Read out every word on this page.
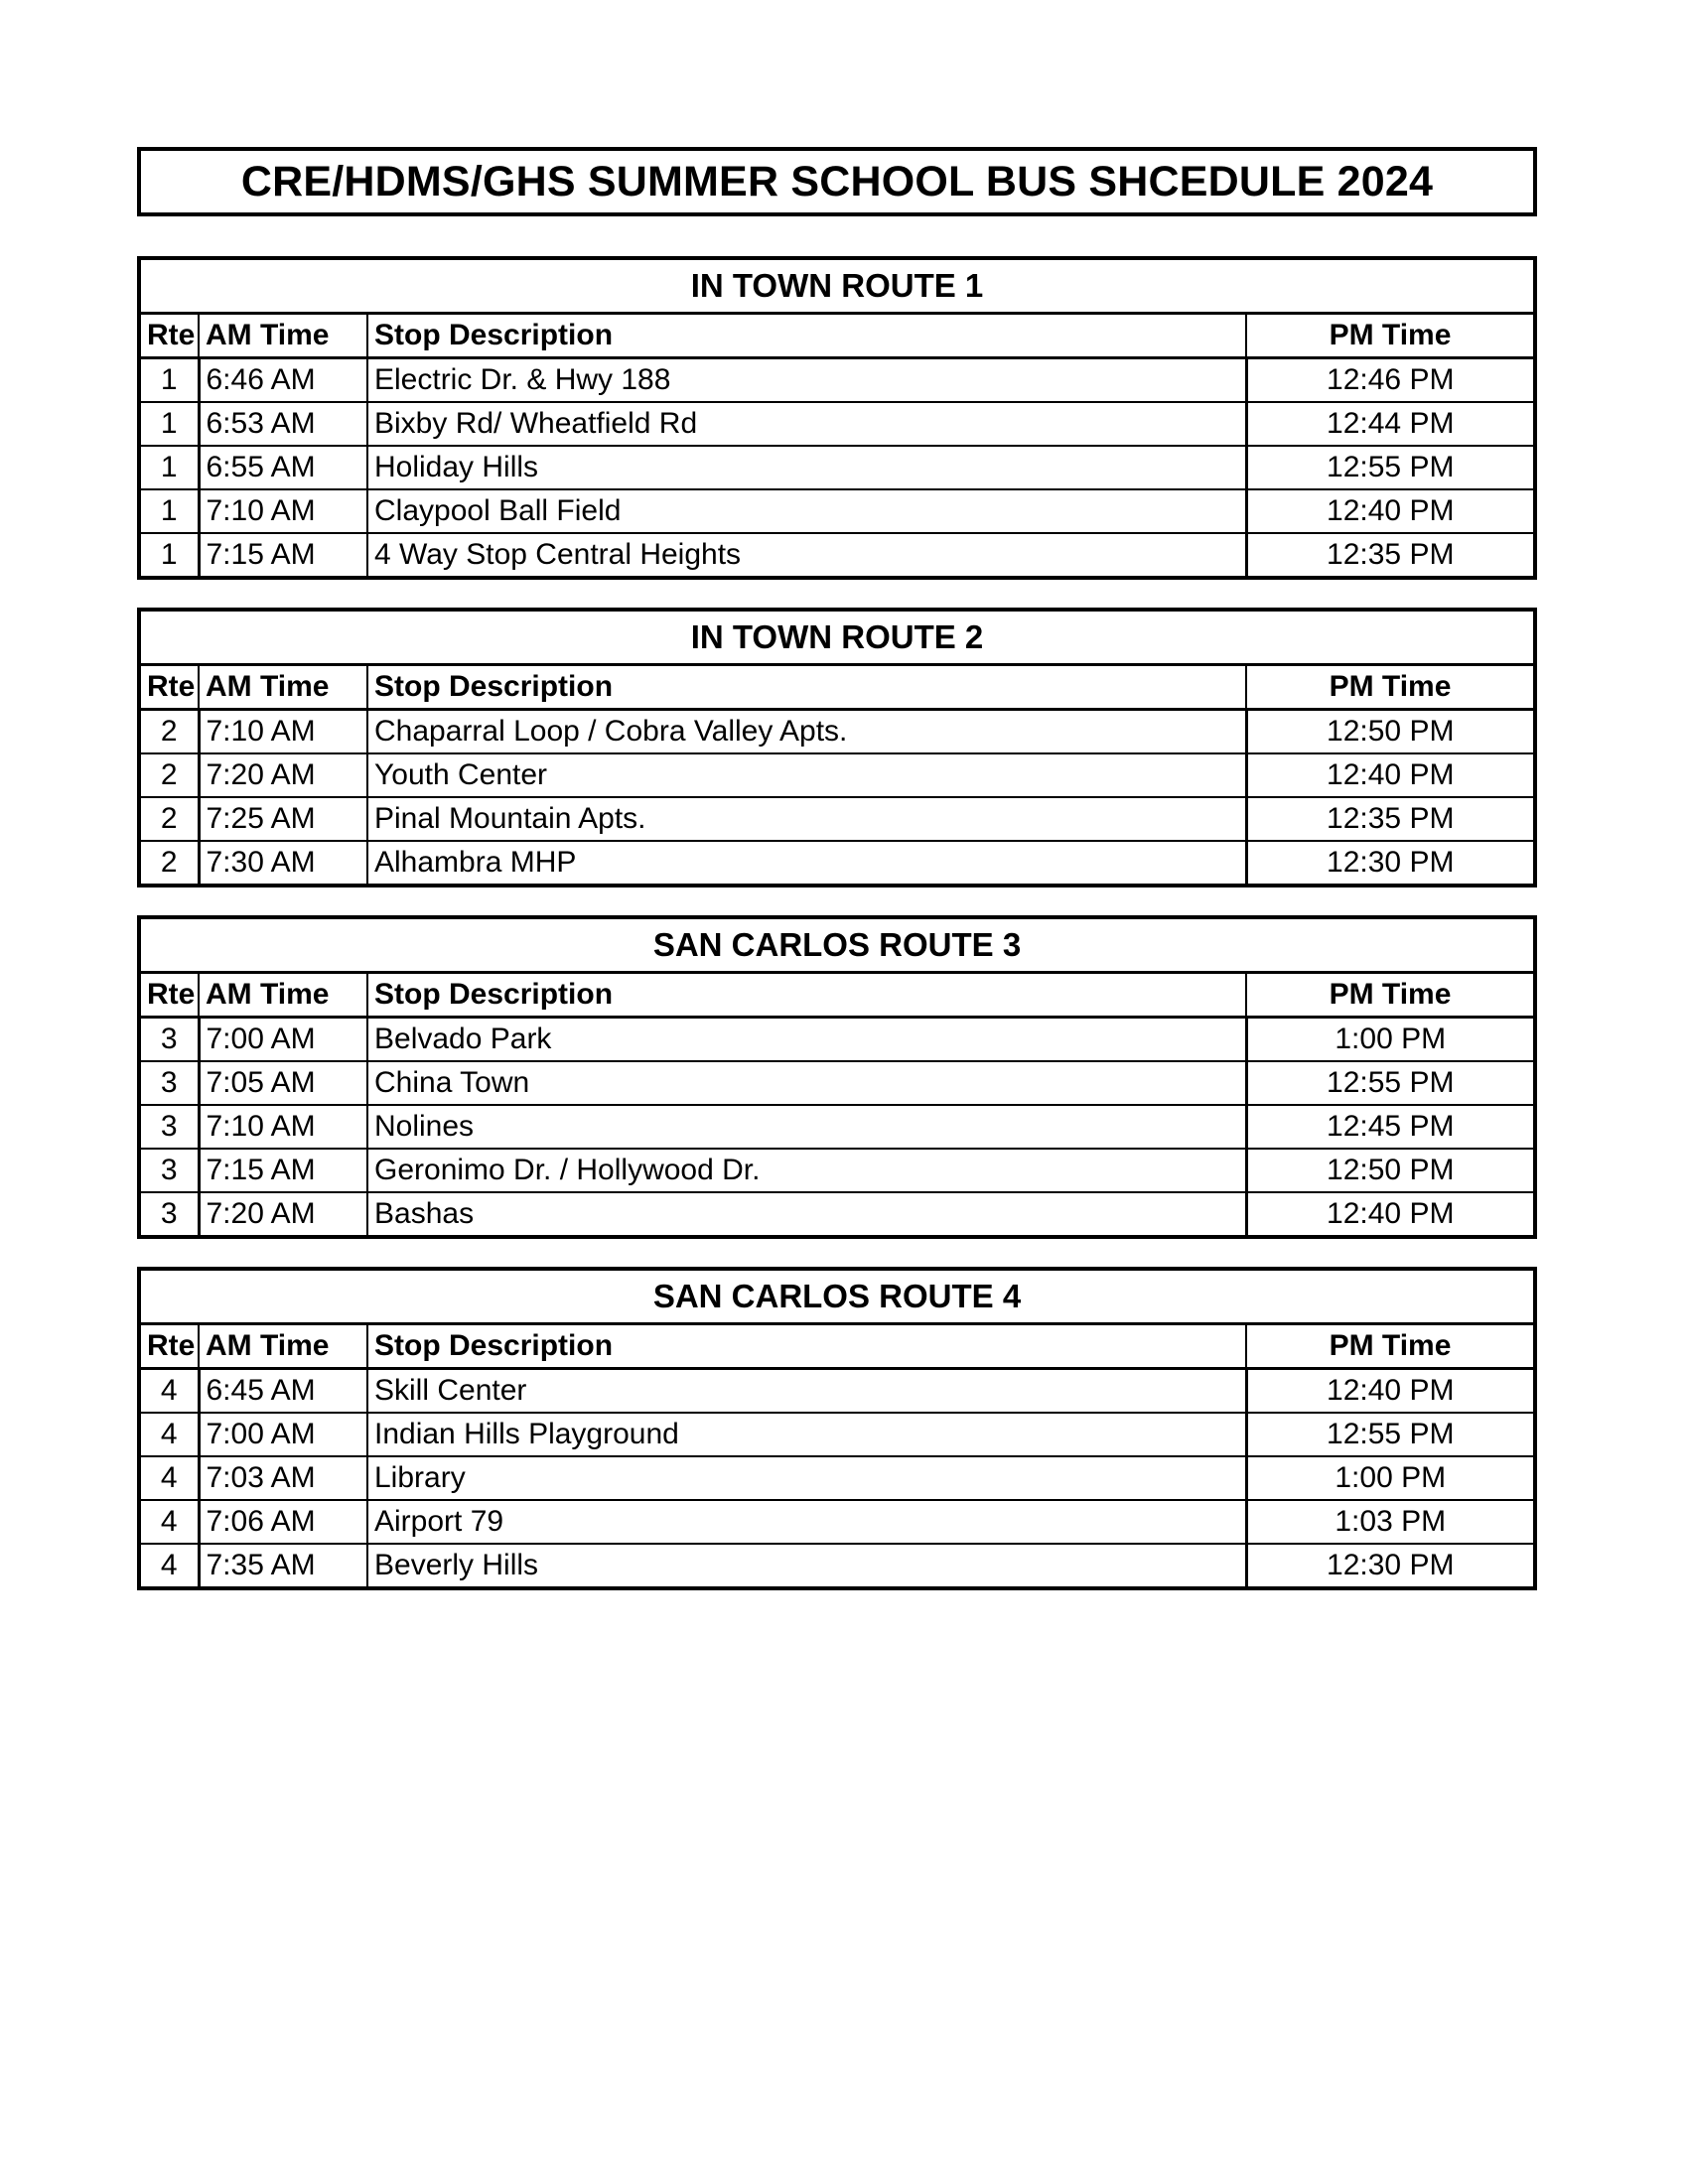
CRE/HDMS/GHS SUMMER SCHOOL BUS SHCEDULE 2024
IN TOWN ROUTE 1			
Rte	AM Time	Stop Description	PM Time
1	6:46 AM	Electric Dr. & Hwy 188	12:46 PM
1	6:53 AM	Bixby Rd/ Wheatfield Rd	12:44 PM
1	6:55 AM	Holiday Hills	12:55 PM
1	7:10 AM	Claypool Ball Field	12:40 PM
1	7:15 AM	4 Way Stop Central Heights	12:35 PM
IN TOWN ROUTE 2			
Rte	AM Time	Stop Description	PM Time
2	7:10 AM	Chaparral Loop / Cobra Valley Apts.	12:50 PM
2	7:20 AM	Youth Center	12:40 PM
2	7:25 AM	Pinal Mountain Apts.	12:35 PM
2	7:30 AM	Alhambra MHP	12:30 PM
SAN CARLOS ROUTE 3			
Rte	AM Time	Stop Description	PM Time
3	7:00 AM	Belvado Park	1:00 PM
3	7:05 AM	China Town	12:55 PM
3	7:10 AM	Nolines	12:45 PM
3	7:15 AM	Geronimo Dr. / Hollywood Dr.	12:50 PM
3	7:20 AM	Bashas	12:40 PM
SAN CARLOS ROUTE 4			
Rte	AM Time	Stop Description	PM Time
4	6:45 AM	Skill Center	12:40 PM
4	7:00 AM	Indian Hills Playground	12:55 PM
4	7:03 AM	Library	1:00 PM
4	7:06 AM	Airport 79	1:03 PM
4	7:35 AM	Beverly Hills	12:30 PM
